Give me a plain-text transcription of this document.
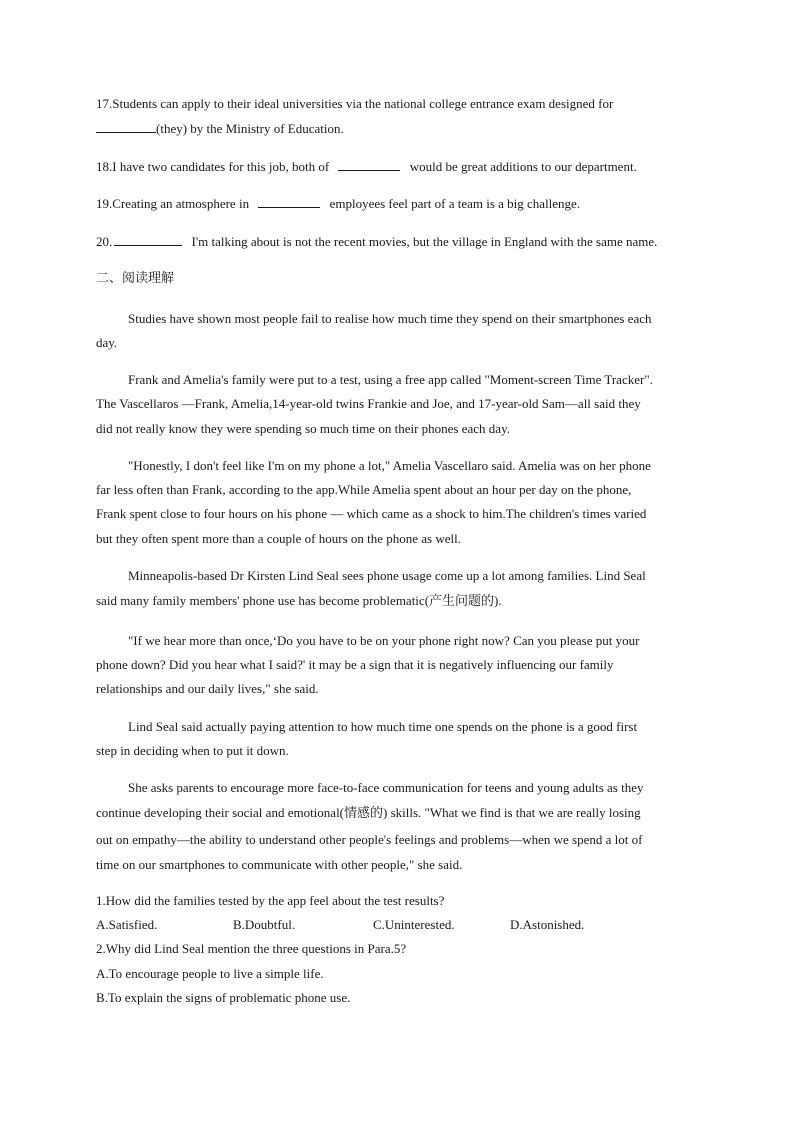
17.Students can apply to their ideal universities via the national college entrance exam designed for
(they) by the Ministry of Education.
18.I have two candidates for this job, both of	would be great additions to our department.
19.Creating an atmosphere in	employees feel part of a team is a big challenge.
20.	I'm talking about is not the recent movies, but the village in England with the same name.
二、阅读理解
Studies have shown most people fail to realise how much time they spend on their smartphones each
day.
Frank and Amelia's family were put to a test, using a free app called "Moment-screen Time Tracker".
The Vascellaros —Frank, Amelia,14-year-old twins Frankie and Joe, and 17-year-old Sam—all said they
did not really know they were spending so much time on their phones each day.
"Honestly, I don't feel like I'm on my phone a lot," Amelia Vascellaro said. Amelia was on her phone
far less often than Frank, according to the app.While Amelia spent about an hour per day on the phone,
Frank spent close to four hours on his phone — which came as a shock to him.The children's times varied
but they often spent more than a couple of hours on the phone as well.
Minneapolis-based Dr Kirsten Lind Seal sees phone usage come up a lot among families. Lind Seal
said many family members' phone use has become problematic(产生问题的).
"If we hear more than once,‘Do you have to be on your phone right now? Can you please put your
phone down? Did you hear what I said?' it may be a sign that it is negatively influencing our family
relationships and our daily lives," she said.
Lind Seal said actually paying attention to how much time one spends on the phone is a good first
step in deciding when to put it down.
She asks parents to encourage more face-to-face communication for teens and young adults as they
continue developing their social and emotional(情感的) skills. "What we find is that we are really losing
out on empathy—the ability to understand other people's feelings and problems—when we spend a lot of
time on our smartphones to communicate with other people," she said.
1.How did the families tested by the app feel about the test results?
A.Satisfied.	B.Doubtful.	C.Uninterested.	D.Astonished.
2.Why did Lind Seal mention the three questions in Para.5?
A.To encourage people to live a simple life.
B.To explain the signs of problematic phone use.
